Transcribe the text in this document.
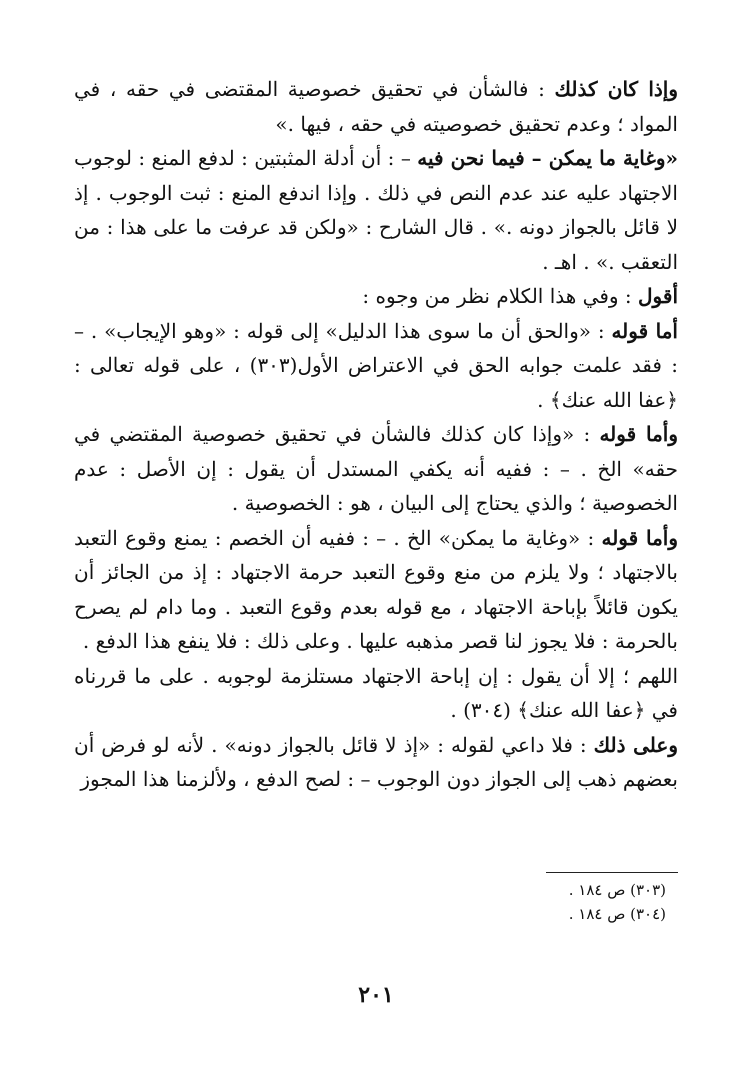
وإذا كان كذلك : فالشأن في تحقيق خصوصية المقتضى في حقه ، في المواد ؛ وعدم تحقيق خصوصيته في حقه ، فيها .»

«وغاية ما يمكن – فيما نحن فيه – : أن أدلة المثبتين : لدفع المنع : لوجوب الاجتهاد عليه عند عدم النص في ذلك . وإذا اندفع المنع : ثبت الوجوب . إذ لا قائل بالجواز دونه .» . قال الشارح : «ولكن قد عرفت ما على هذا : من التعقب .» . اهـ .

أقول : وفي هذا الكلام نظر من وجوه :

أما قوله : «والحق أن ما سوى هذا الدليل» إلى قوله : «وهو الإيجاب» . – : فقد علمت جوابه الحق في الاعتراض الأول(٣٠٣) ، على قوله تعالى : ﴿عفا الله عنك﴾ .

وأما قوله : «وإذا كان كذلك فالشأن في تحقيق خصوصية المقتضي في حقه» الخ . – : ففيه أنه يكفي المستدل أن يقول : إن الأصل : عدم الخصوصية ؛ والذي يحتاج إلى البيان ، هو : الخصوصية .

وأما قوله : «وغاية ما يمكن» الخ . – : ففيه أن الخصم : يمنع وقوع التعبد بالاجتهاد ؛ ولا يلزم من منع وقوع التعبد حرمة الاجتهاد : إذ من الجائز أن يكون قائلاً بإباحة الاجتهاد ، مع قوله بعدم وقوع التعبد . وما دام لم يصرح بالحرمة : فلا يجوز لنا قصر مذهبه عليها . وعلى ذلك : فلا ينفع هذا الدفع .

اللهم ؛ إلا أن يقول : إن إباحة الاجتهاد مستلزمة لوجوبه . على ما قررناه في ﴿عفا الله عنك﴾ (٣٠٤) .

وعلى ذلك : فلا داعي لقوله : «إذ لا قائل بالجواز دونه» . لأنه لو فرض أن بعضهم ذهب إلى الجواز دون الوجوب – : لصح الدفع ، ولألزمنا هذا المجوز

(٣٠٣) ص ١٨٤ .

(٣٠٤) ص ١٨٤ .

٢٠١
